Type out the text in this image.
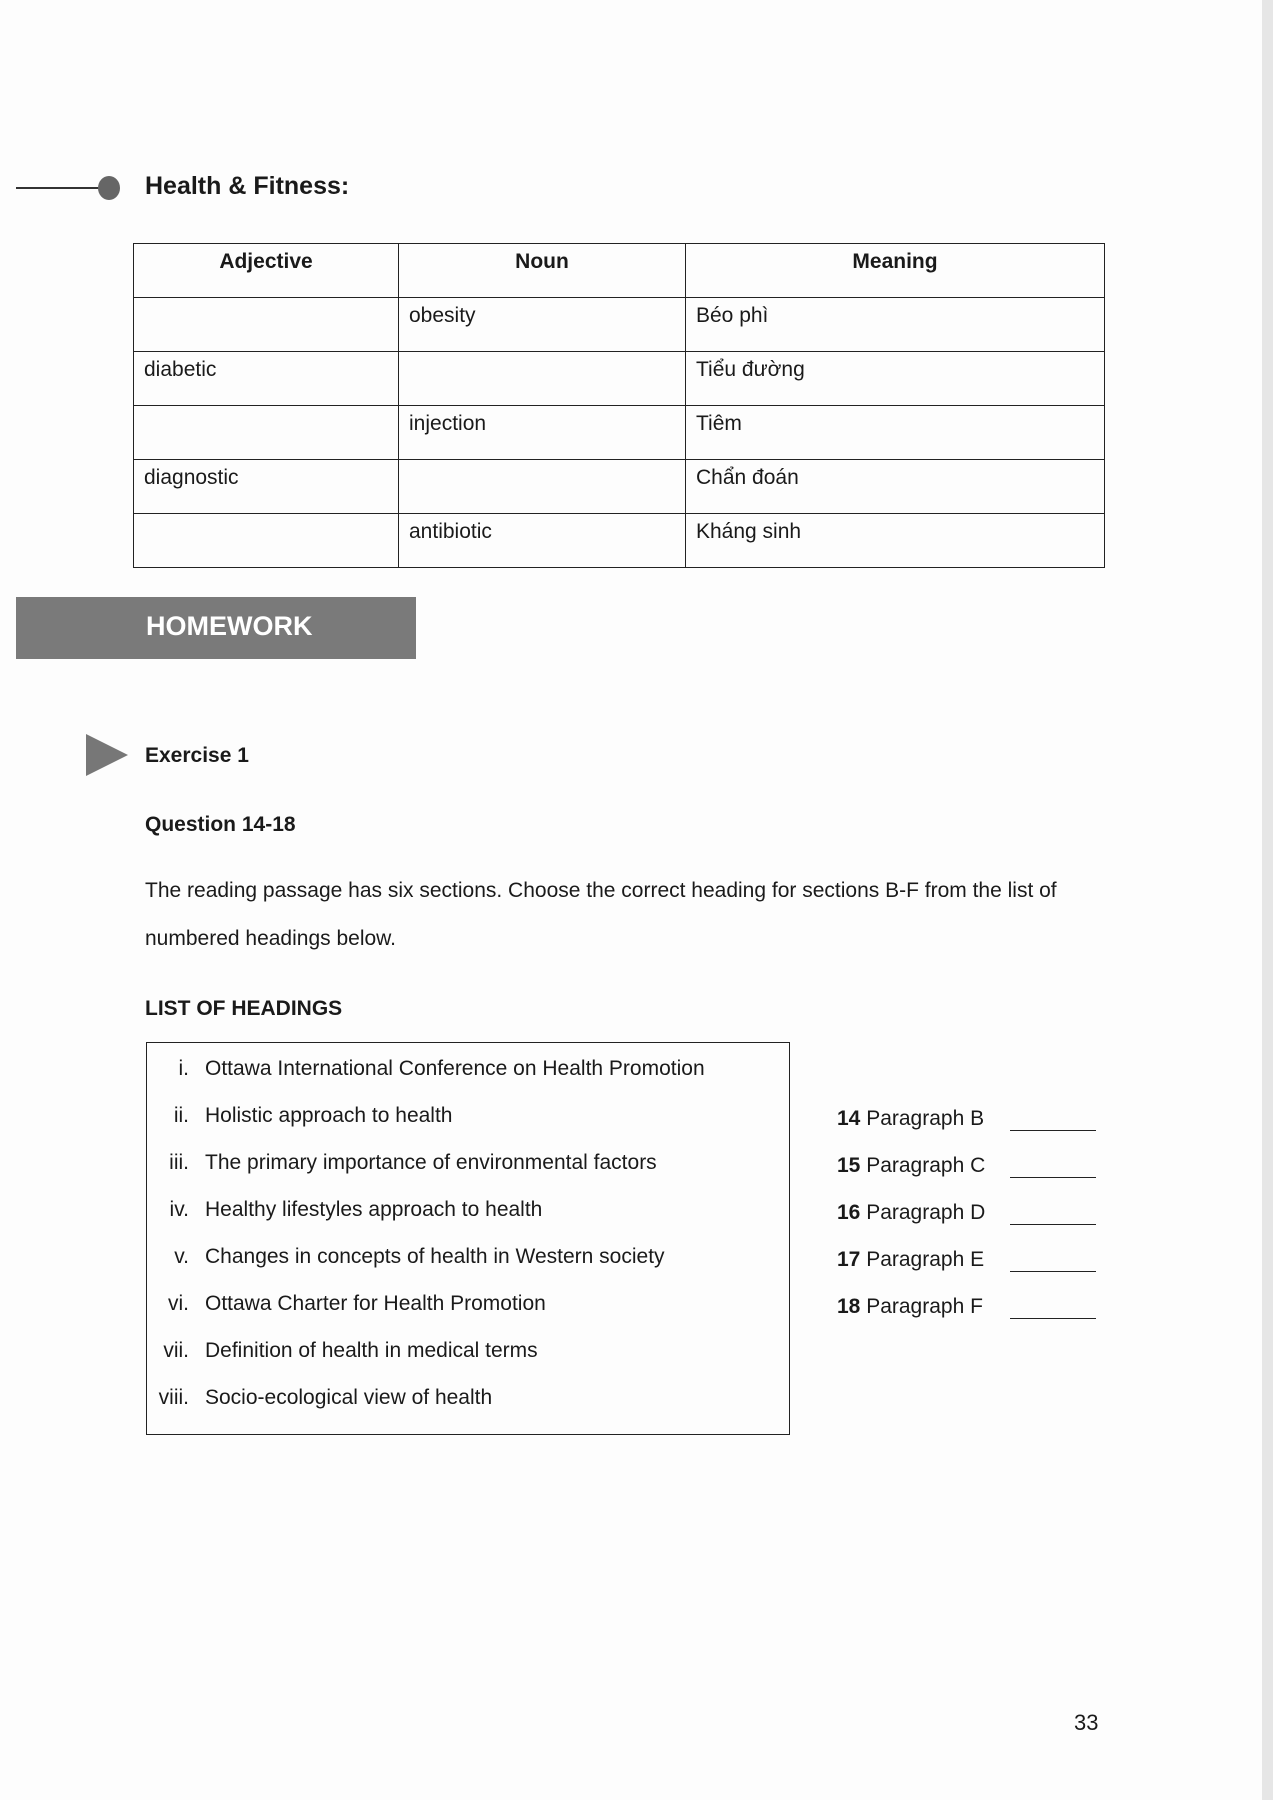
Health & Fitness:
Adjective	Noun	Meaning
	obesity	Béo phì
diabetic		Tiểu đường
	injection	Tiêm
diagnostic		Chẩn đoán
	antibiotic	Kháng sinh
HOMEWORK
Exercise 1
Question 14-18
The reading passage has six sections. Choose the correct heading for sections B-F from the list of numbered headings below.
LIST OF HEADINGS
i. Ottawa International Conference on Health Promotion
ii. Holistic approach to health
iii. The primary importance of environmental factors
iv. Healthy lifestyles approach to health
v. Changes in concepts of health in Western society
vi. Ottawa Charter for Health Promotion
vii. Definition of health in medical terms
viii. Socio-ecological view of health
14 Paragraph B
15 Paragraph C
16 Paragraph D
17 Paragraph E
18 Paragraph F
33
